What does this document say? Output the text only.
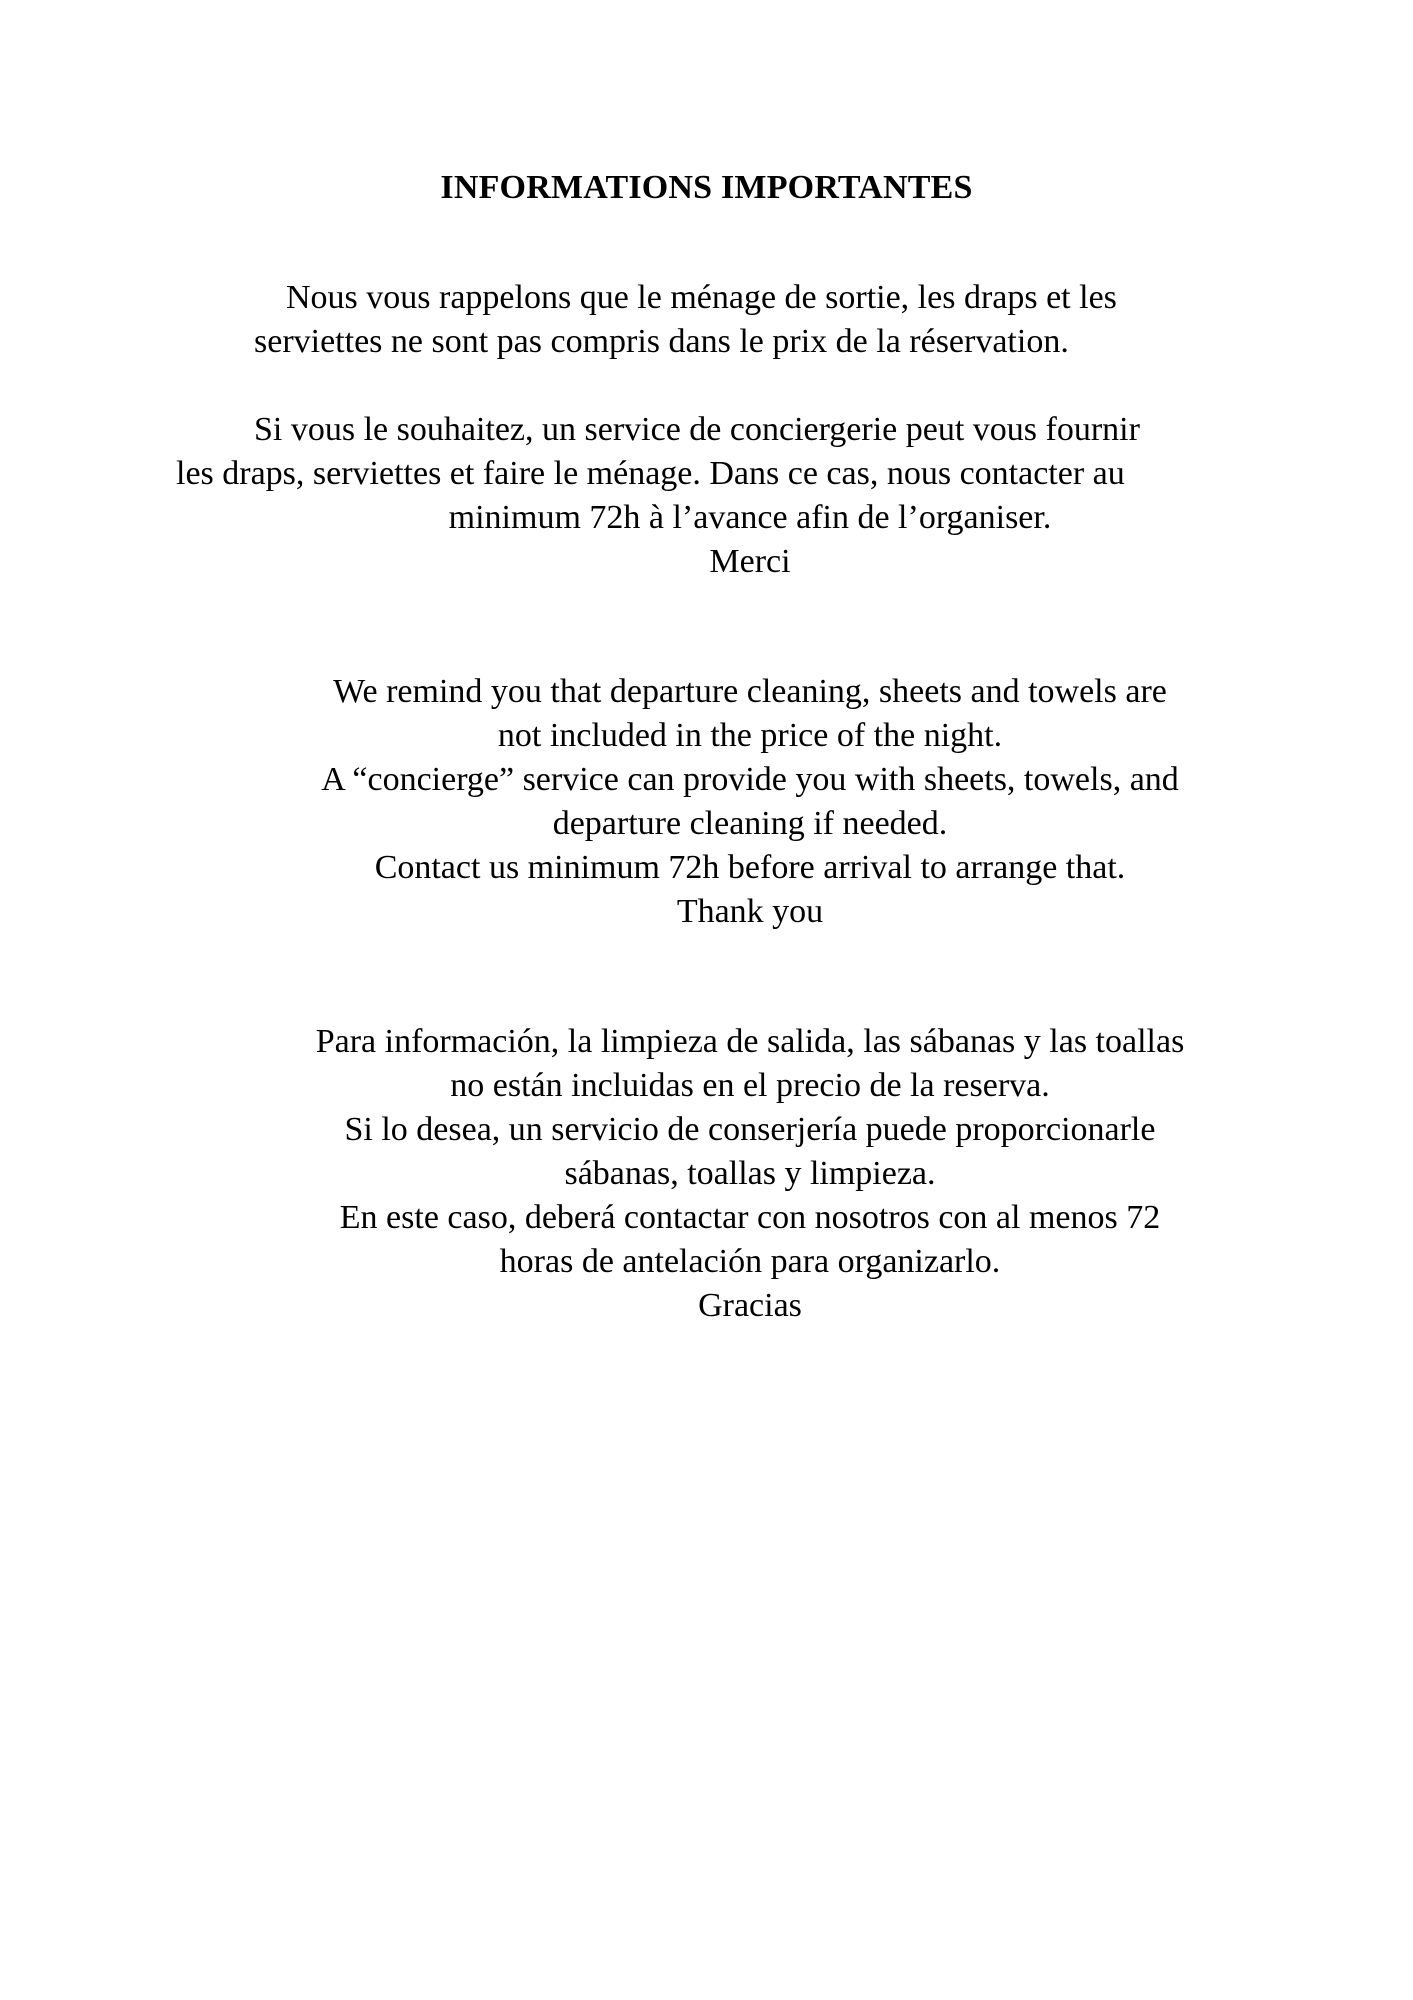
INFORMATIONS IMPORTANTES
Nous vous rappelons que le ménage de sortie, les draps et les
serviettes ne sont pas compris dans le prix de la réservation.
Si vous le souhaitez, un service de conciergerie peut vous fournir
les draps, serviettes et faire le ménage. Dans ce cas, nous contacter au
minimum 72h à l’avance afin de l’organiser.
Merci
We remind you that departure cleaning, sheets and towels are
not included in the price of the night.
A “concierge” service can provide you with sheets, towels, and
departure cleaning if needed.
Contact us minimum 72h before arrival to arrange that.
Thank you
Para información, la limpieza de salida, las sábanas y las toallas
no están incluidas en el precio de la reserva.
Si lo desea, un servicio de conserjería puede proporcionarle
sábanas, toallas y limpieza.
En este caso, deberá contactar con nosotros con al menos 72
horas de antelación para organizarlo.
Gracias
